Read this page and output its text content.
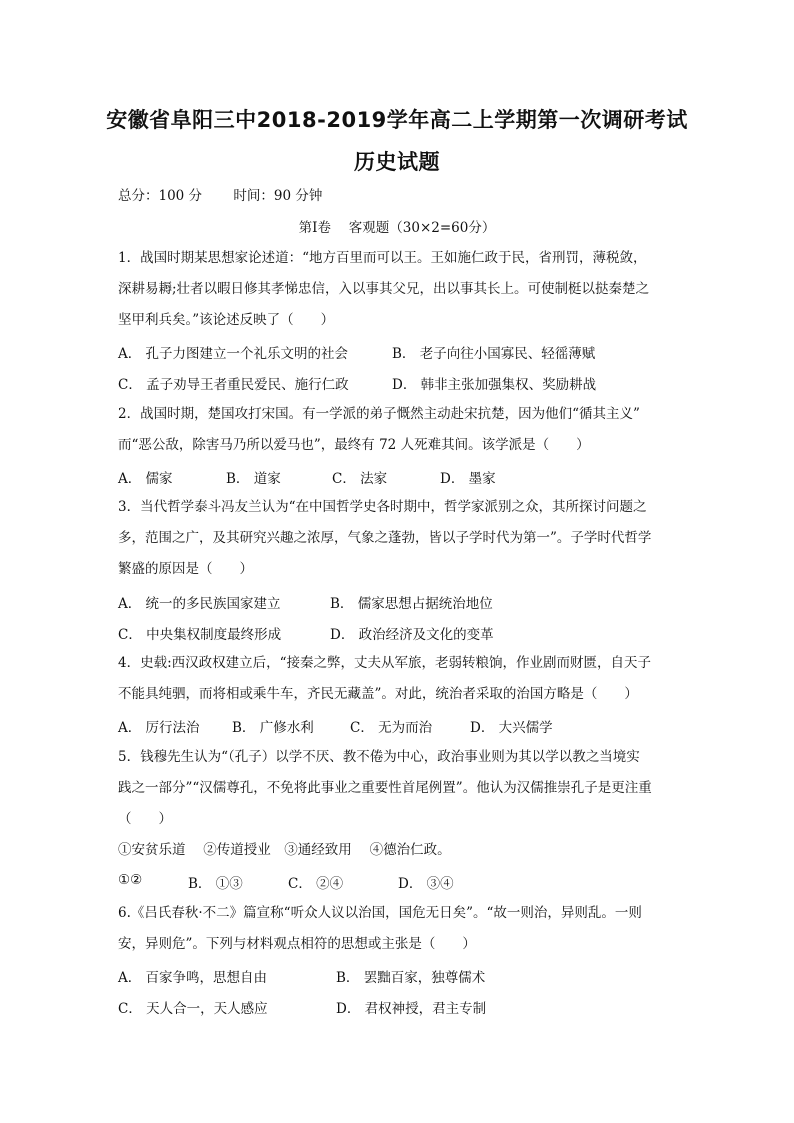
安徽省阜阳三中2018-2019学年高二上学期第一次调研考试
历史试题
总分：100 分　　 时间：90 分钟
第Ⅰ卷　 客观题（30×2=60分）
1．战国时期某思想家论述道：“地方百里而可以王。王如施仁政于民，省刑罚，薄税敛，
深耕易耨;壮者以暇日修其孝悌忠信，入以事其父兄，出以事其长上。可使制梃以挞秦楚之
坚甲利兵矣。”该论述反映了（　　）
A． 孔子力图建立一个礼乐文明的社会	B． 老子向往小国寡民、轻徭薄赋
C． 孟子劝导王者重民爱民、施行仁政	D． 韩非主张加强集权、奖励耕战
2．战国时期，楚国攻打宋国。有一学派的弟子慨然主动赴宋抗楚，因为他们“循其主义”
而“恶公敌，除害马乃所以爱马也”，最终有 72 人死难其间。该学派是（　　）
A． 儒家	B． 道家	C． 法家	D． 墨家
3．当代哲学泰斗冯友兰认为“在中国哲学史各时期中，哲学家派别之众，其所探讨问题之
多，范围之广，及其研究兴趣之浓厚，气象之蓬勃，皆以子学时代为第一”。子学时代哲学
繁盛的原因是（　　）
A． 统一的多民族国家建立	B． 儒家思想占据统治地位
C． 中央集权制度最终形成	D． 政治经济及文化的变革
4．史载:西汉政权建立后，“接秦之弊，丈夫从军旅，老弱转粮饷，作业剧而财匮，自天子
不能具纯驷，而将相或乘牛车，齐民无藏盖”。对此，统治者采取的治国方略是（　　）
A． 厉行法治 B． 广修水利	C． 无为而治	D． 大兴儒学
5．钱穆先生认为“（孔子）以学不厌、教不倦为中心，政治事业则为其以学以教之当境实
践之一部分”“汉儒尊孔，不免将此事业之重要性首尾例置”。他认为汉儒推崇孔子是更注重
（　　）
①安贫乐道　 ②传道授业　③通经致用　 ④德治仁政。
①②	B． ①③	C． ②④	D． ③④
6.《吕氏春秋·不二》篇宣称“听众人议以治国，国危无日矣”。“故一则治，异则乱。一则
安，异则危”。下列与材料观点相符的思想或主张是（　　）
A． 百家争鸣，思想自由	B． 罢黜百家，独尊儒术
C． 天人合一，天人感应	D． 君权神授，君主专制
